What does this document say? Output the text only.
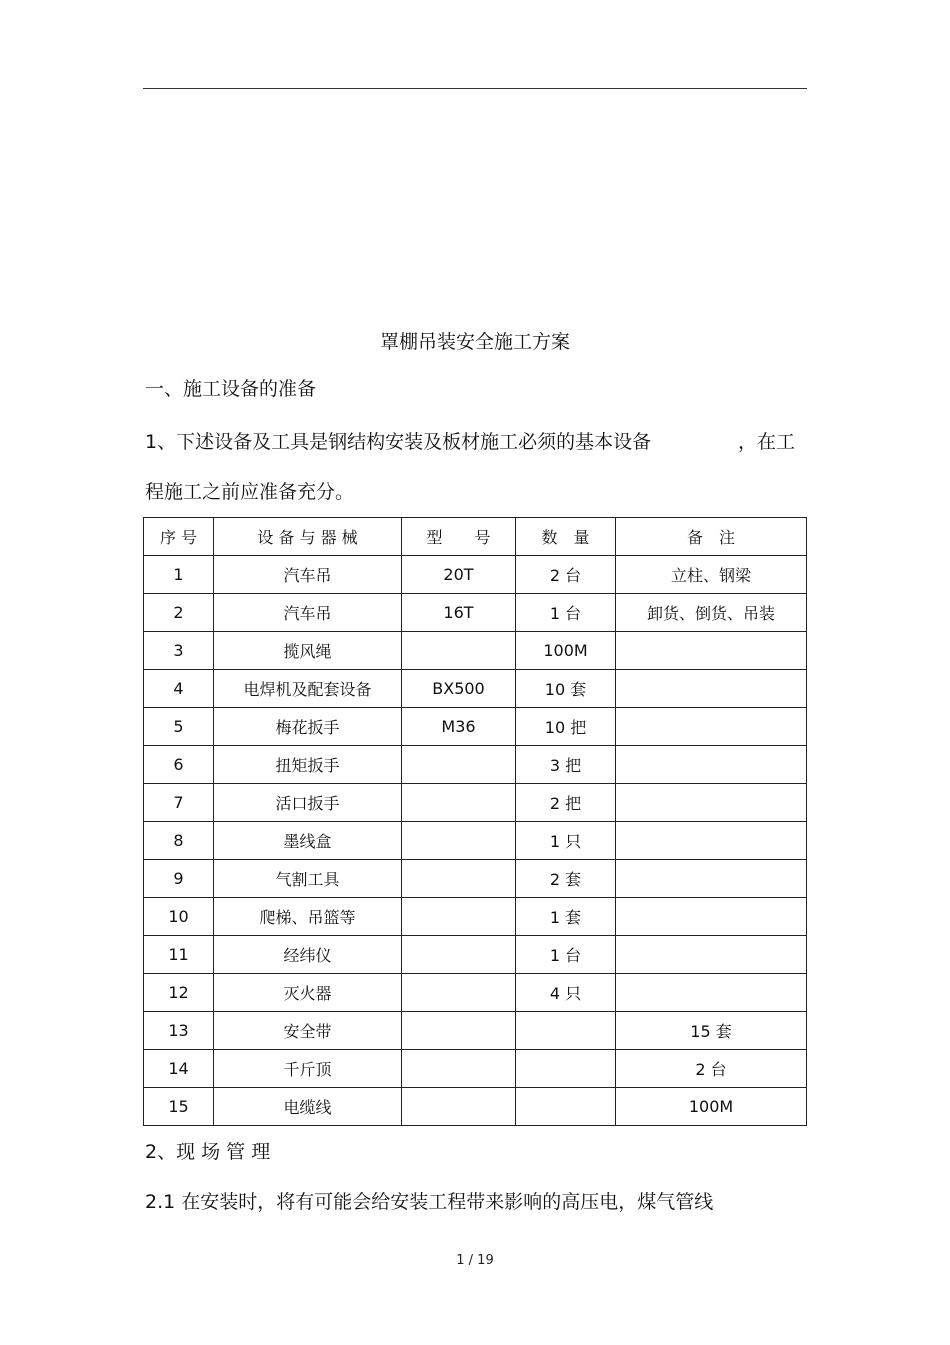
罩棚吊装安全施工方案
一、施工设备的准备
1、下述设备及工具是钢结构安装及板材施工必须的基本设备	，在工
程施工之前应准备充分。
序 号	设 备 与 器 械	型　　号	数　量	备　注
1	汽车吊	20T	2 台	立柱、钢梁
2	汽车吊	16T	1 台	卸货、倒货、吊装
3	揽风绳		100M	
4	电焊机及配套设备	BX500	10 套	
5	梅花扳手	M36	10 把	
6	扭矩扳手		3 把	
7	活口扳手		2 把	
8	墨线盒		1 只	
9	气割工具		2 套	
10	爬梯、吊篮等		1 套	
11	经纬仪		1 台	
12	灭火器		4 只	
13	安全带			15 套
14	千斤顶			2 台
15	电缆线			100M
2、现 场 管 理
2.1 在安装时，将有可能会给安装工程带来影响的高压电，煤气管线
1 / 19
